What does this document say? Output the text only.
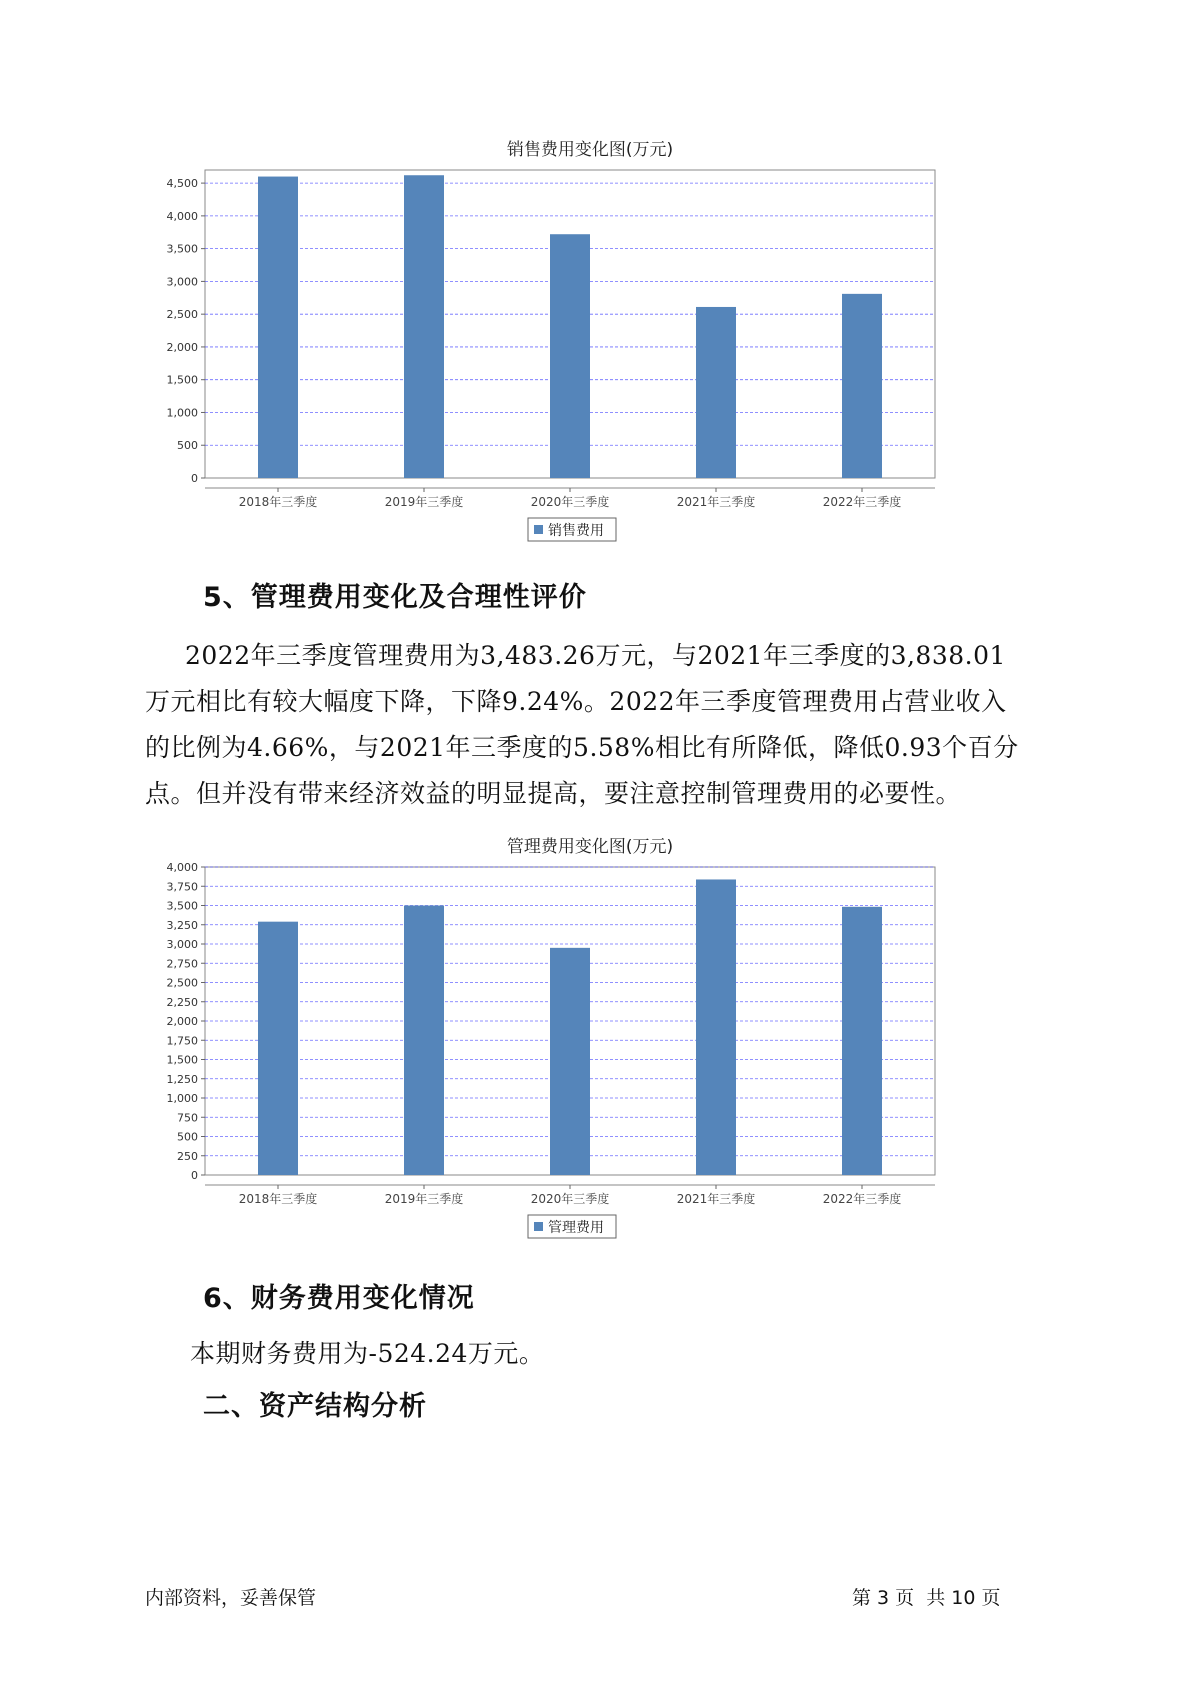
销售费用变化图(万元)
0
500
1,000
1,500
2,000
2,500
3,000
3,500
4,000
4,500
2018年三季度	2019年三季度	2020年三季度	2021年三季度	2022年三季度
销售费用
5、管理费用变化及合理性评价
2022年三季度管理费用为3,483.26万元，与2021年三季度的3,838.01
万元相比有较大幅度下降，下降9.24%。2022年三季度管理费用占营业收入
的比例为4.66%，与2021年三季度的5.58%相比有所降低，降低0.93个百分
点。但并没有带来经济效益的明显提高，要注意控制管理费用的必要性。
管理费用变化图(万元)
0
250
500
750
1,000
1,250
1,500
1,750
2,000
2,250
2,500
2,750
3,000
3,250
3,500
3,750
4,000
2018年三季度	2019年三季度	2020年三季度	2021年三季度	2022年三季度
管理费用
6、财务费用变化情况
本期财务费用为-524.24万元。
二、资产结构分析
内部资料，妥善保管	第 3 页  共 10 页
